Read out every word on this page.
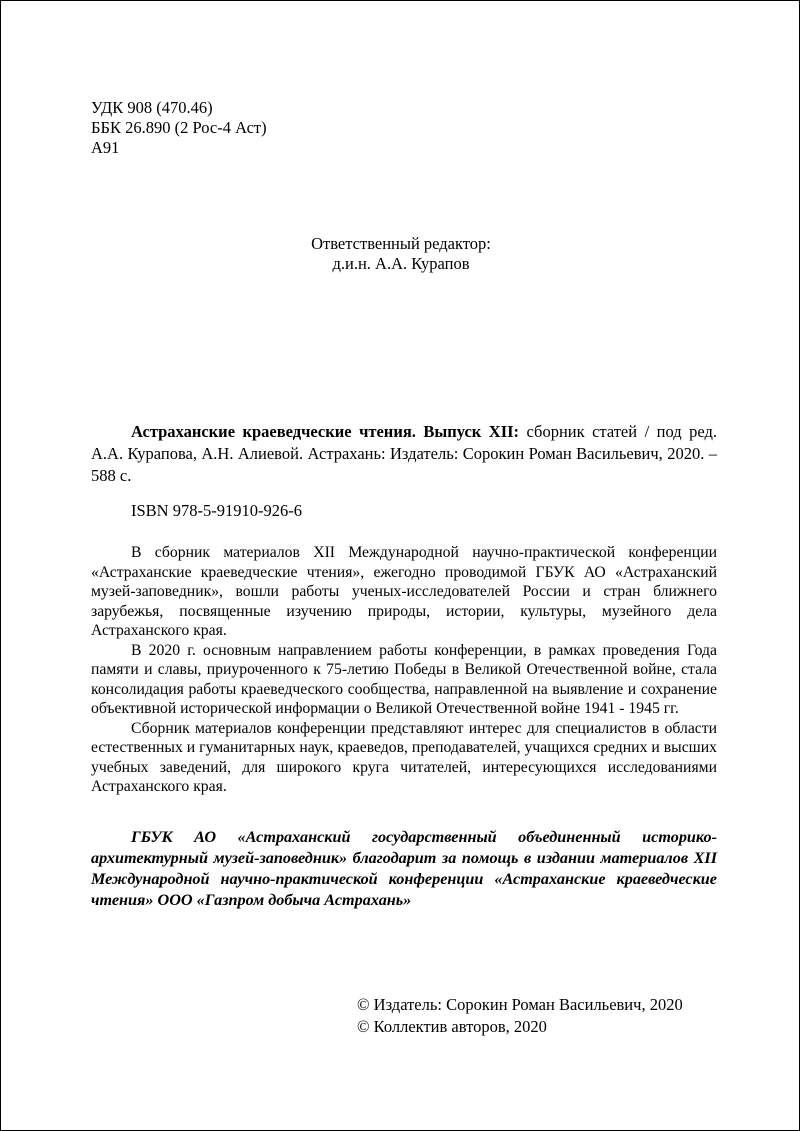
УДК 908 (470.46)
ББК 26.890 (2 Рос-4 Аст)
А91
Ответственный редактор:
д.и.н. А.А. Курапов
Астраханские краеведческие чтения. Выпуск XII: сборник статей / под ред. А.А. Курапова, А.Н. Алиевой. Астрахань: Издатель: Сорокин Роман Васильевич, 2020. – 588 с.
ISBN 978-5-91910-926-6

В сборник материалов XII Международной научно-практической конференции «Астраханские краеведческие чтения», ежегодно проводимой ГБУК АО «Астраханский музей-заповедник», вошли работы ученых-исследователей России и стран ближнего зарубежья, посвященные изучению природы, истории, культуры, музейного дела Астраханского края.

В 2020 г. основным направлением работы конференции, в рамках проведения Года памяти и славы, приуроченного к 75-летию Победы в Великой Отечественной войне, стала консолидация работы краеведческого сообщества, направленной на выявление и сохранение объективной исторической информации о Великой Отечественной войне 1941 - 1945 гг.

Сборник материалов конференции представляют интерес для специалистов в области естественных и гуманитарных наук, краеведов, преподавателей, учащихся средних и высших учебных заведений, для широкого круга читателей, интересующихся исследованиями Астраханского края.

ГБУК АО «Астраханский государственный объединенный историко-архитектурный музей-заповедник» благодарит за помощь в издании материалов XII Международной научно-практической конференции «Астраханские краеведческие чтения» ООО «Газпром добыча Астрахань»
© Издатель: Сорокин Роман Васильевич, 2020
© Коллектив авторов, 2020
